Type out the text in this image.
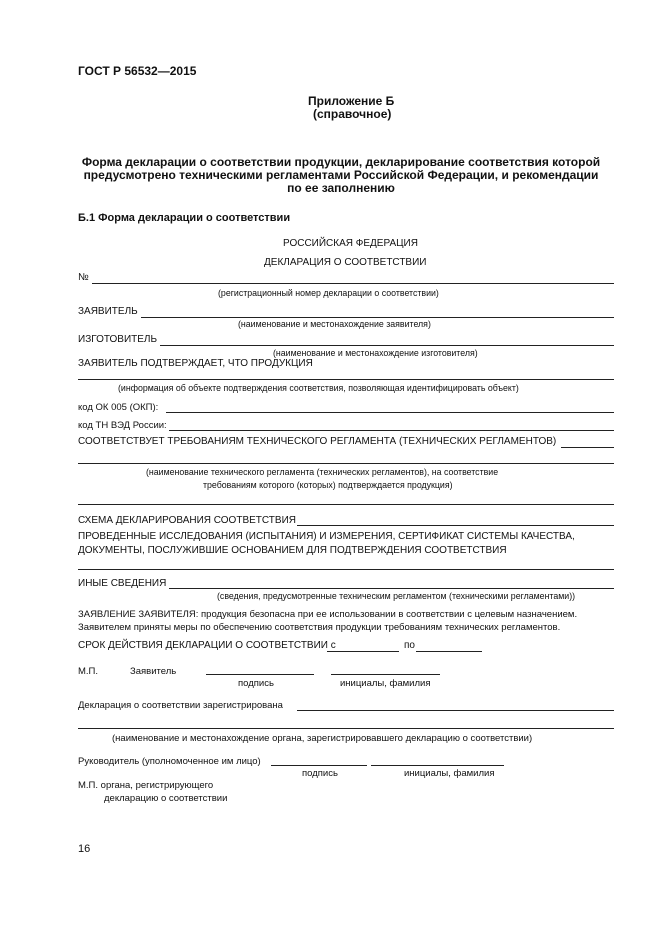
ГОСТ Р 56532—2015
Приложение Б
(справочное)
Форма декларации о соответствии продукции, декларирование соответствия которой
предусмотрено техническими регламентами Российской Федерации, и рекомендации
по ее заполнению
Б.1 Форма декларации о соответствии
РОССИЙСКАЯ ФЕДЕРАЦИЯ
ДЕКЛАРАЦИЯ О СООТВЕТСТВИИ
№
(регистрационный номер декларации о соответствии)
ЗАЯВИТЕЛЬ
(наименование и местонахождение заявителя)
ИЗГОТОВИТЕЛЬ
(наименование и местонахождение изготовителя)
ЗАЯВИТЕЛЬ ПОДТВЕРЖДАЕТ, ЧТО ПРОДУКЦИЯ
(информация об объекте подтверждения соответствия, позволяющая идентифицировать объект)
код ОК 005 (ОКП):
код ТН ВЭД России:
СООТВЕТСТВУЕТ ТРЕБОВАНИЯМ ТЕХНИЧЕСКОГО РЕГЛАМЕНТА (ТЕХНИЧЕСКИХ РЕГЛАМЕНТОВ)
(наименование технического регламента (технических регламентов), на соответствие
требованиям которого (которых) подтверждается продукция)
СХЕМА ДЕКЛАРИРОВАНИЯ СООТВЕТСТВИЯ
ПРОВЕДЕННЫЕ ИССЛЕДОВАНИЯ (ИСПЫТАНИЯ) И ИЗМЕРЕНИЯ, СЕРТИФИКАТ СИСТЕМЫ КАЧЕСТВА,
ДОКУМЕНТЫ, ПОСЛУЖИВШИЕ ОСНОВАНИЕМ ДЛЯ ПОДТВЕРЖДЕНИЯ СООТВЕТСТВИЯ
ИНЫЕ СВЕДЕНИЯ
(сведения, предусмотренные техническим регламентом (техническими регламентами))
ЗАЯВЛЕНИЕ ЗАЯВИТЕЛЯ: продукция безопасна при ее использовании в соответствии с целевым назначением.
Заявителем приняты меры по обеспечению соответствия продукции требованиям технических регламентов.
СРОК ДЕЙСТВИЯ ДЕКЛАРАЦИИ О СООТВЕТСТВИИ с	по
М.П.	Заявитель
подпись	инициалы, фамилия
Декларация о соответствии зарегистрирована
(наименование и местонахождение органа, зарегистрировавшего декларацию о соответствии)
Руководитель (уполномоченное им лицо)
подпись	инициалы, фамилия
М.П. органа, регистрирующего
декларацию о соответствии
16
